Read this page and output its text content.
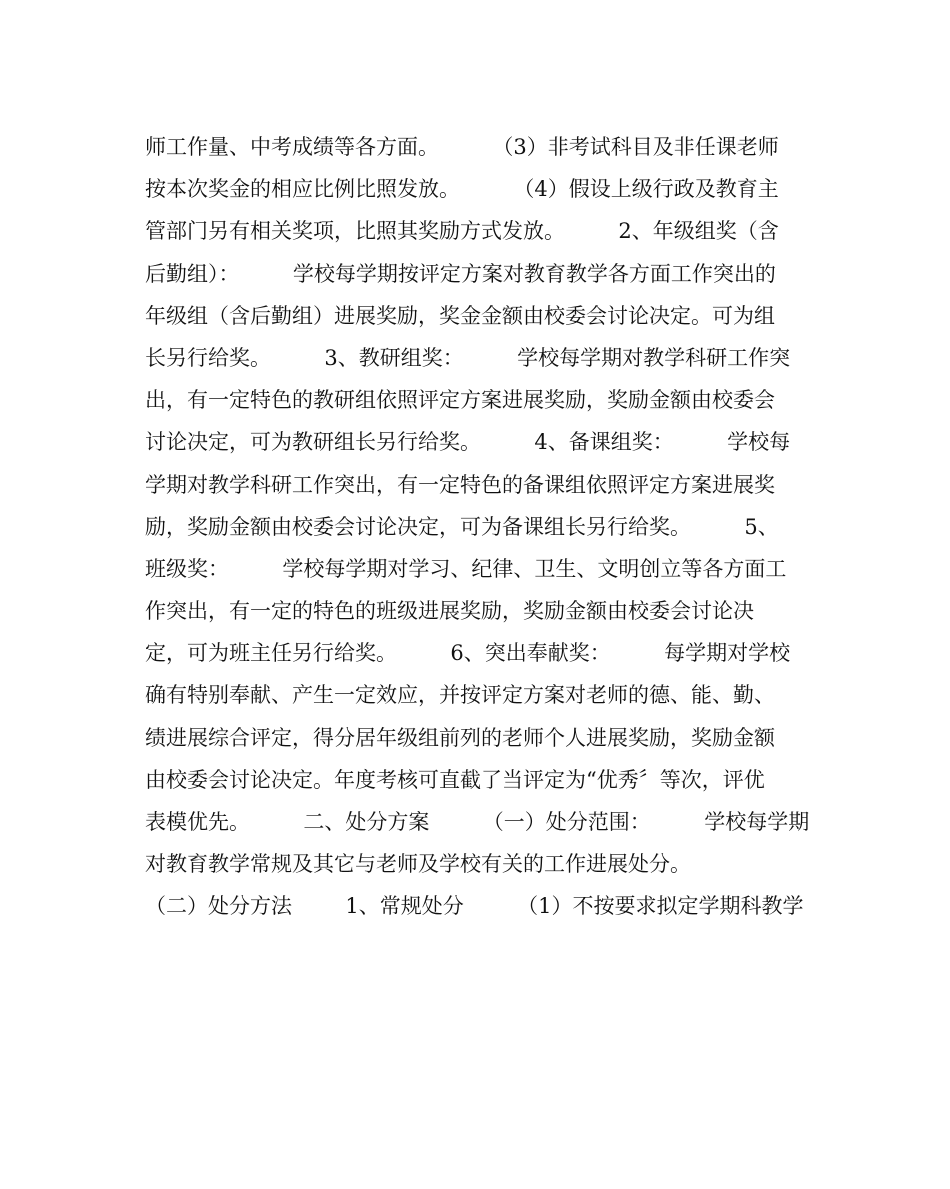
师工作量、中考成绩等各方面。        （3）非考试科目及非任课老师
按本次奖金的相应比例比照发放。        （4）假设上级行政及教育主
管部门另有相关奖项，比照其奖励方式发放。        2、年级组奖（含
后勤组）：        学校每学期按评定方案对教育教学各方面工作突出的
年级组（含后勤组）进展奖励，奖金金额由校委会讨论决定。可为组
长另行给奖。        3、教研组奖：        学校每学期对教学科研工作突
出，有一定特色的教研组依照评定方案进展奖励，奖励金额由校委会
讨论决定，可为教研组长另行给奖。        4、备课组奖：        学校每
学期对教学科研工作突出，有一定特色的备课组依照评定方案进展奖
励，奖励金额由校委会讨论决定，可为备课组长另行给奖。        5、
班级奖：        学校每学期对学习、纪律、卫生、文明创立等各方面工
作突出，有一定的特色的班级进展奖励，奖励金额由校委会讨论决
定，可为班主任另行给奖。        6、突出奉献奖：        每学期对学校
确有特别奉献、产生一定效应，并按评定方案对老师的德、能、勤、
绩进展综合评定，得分居年级组前列的老师个人进展奖励，奖励金额
由校委会讨论决定。年度考核可直截了当评定为“优秀〞等次，评优
表模优先。        二、处分方案        （一）处分范围：        学校每学期
对教育教学常规及其它与老师及学校有关的工作进展处分。
（二）处分方法        1、常规处分        （1）不按要求拟定学期科教学
